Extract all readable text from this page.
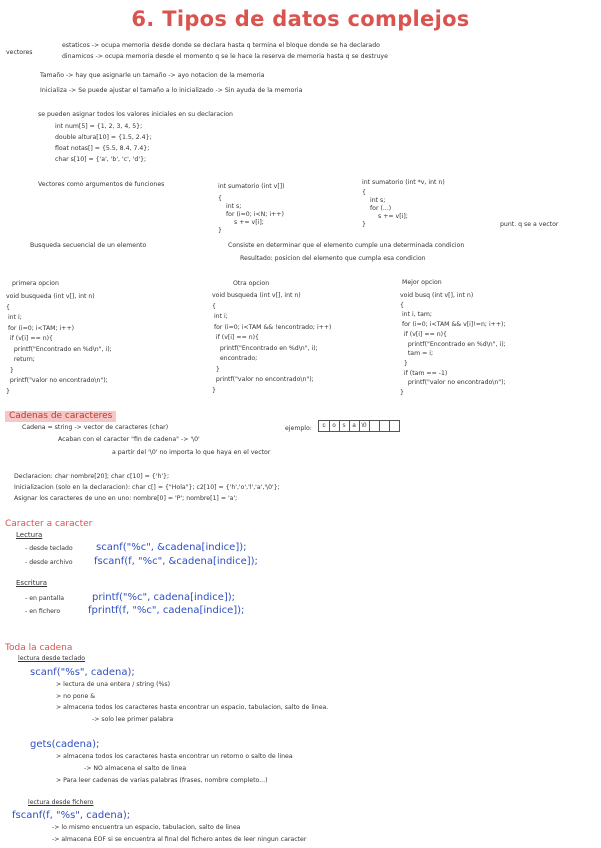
6. Tipos de datos complejos
vectores
estaticos -> ocupa memoria desde donde se declara hasta q termina el bloque donde se ha declarado
dinamicos -> ocupa memoria desde el momento q se le hace la reserva de memoria hasta q se destruye
Tamaño -> hay que asignarle un tamaño -> ayo notacion de la memoria
Inicializa -> Se puede ajustar el tamaño a lo inicializado -> Sin ayuda de la memoria
se pueden asignar todos los valores iniciales en su declaracion
int num[5] = {1, 2, 3, 4, 5};
double altura[10] = {1.5, 2.4};
float notas[] = {5.5, 8.4, 7.4};
char s[10] = {'a', 'b', 'c', 'd'};
Vectores como argumentos de funciones	int sumatorio (int v[])
{
int s;
for (i=0; i<N; i++)
s += v[i];
}
int sumatorio (int *v, int n)
{
int s;
for (...)
s += v[i];
}	punt. q se a vector
Busqueda secuencial de un elemento	Consiste en determinar que el elemento cumple una determinada condicion
Resultado: posicion del elemento que cumpla esa condicion
primera opcion
void busqueda (int v[], int n)
{
int i;
for (i=0; i<TAM; i++)
if (v[i] == n){
printf("Encontrado en %d\n", i);
return;
}
printf("valor no encontrado\n");
}
Otra opcion
void busqueda (int v[], int n)
{
int i;
for (i=0; i<TAM && !encontrado; i++)
if (v[i] == n){
printf("Encontrado en %d\n", i);
encontrado;
}
printf("valor no encontrado\n");
}
Mejor opcion
void busq (int v[], int n)
{
int i, tam;
for (i=0; i<TAM && v[i]!=n; i++);
if (v[i] == n){
printf("Encontrado en %d\n", i);
tam = i;
}
if (tam == -1)
printf("valor no encontrado\n");
}
Cadenas de caracteres
Cadena = string -> vector de caracteres (char)
Acaban con el caracter "fin de cadena" -> '\0'
a partir del '\0' no importa lo que haya en el vector
ejemplo:	c	o	s	a \0
Declaracion: char nombre[20]; char c[10] = {'h'};
Inicializacion (solo en la declaracion): char c[] = {"Hola"}; c2[10] = {'h','o','l','a','\0'};
Asignar los caracteres de uno en uno: nombre[0] = 'P'; nombre[1] = 'a';
Caracter a caracter
Lectura
- desde teclado scanf("%c", &cadena[indice]);
- desde archivo fscanf(f, "%c", &cadena[indice]);
Escritura
- en pantalla	printf("%c", cadena[indice]);
- en fichero	fprintf(f, "%c", cadena[indice]);
Toda la cadena
lectura desde teclado
scanf("%s", cadena);
> lectura de una entera / string (%s)
> no pone &
> almacena todos los caracteres hasta encontrar un espacio, tabulacion, salto de linea.
-> solo lee primer palabra
gets(cadena);
> almacena todos los caracteres hasta encontrar un retorno o salto de linea
-> NO almacena el salto de linea
> Para leer cadenas de varias palabras (frases, nombre completo...)
lectura desde fichero
fscanf(f, "%s", cadena);
-> lo mismo encuentra un espacio, tabulacion, salto de linea
-> almacena EOF si se encuentra al final del fichero antes de leer ningun caracter
